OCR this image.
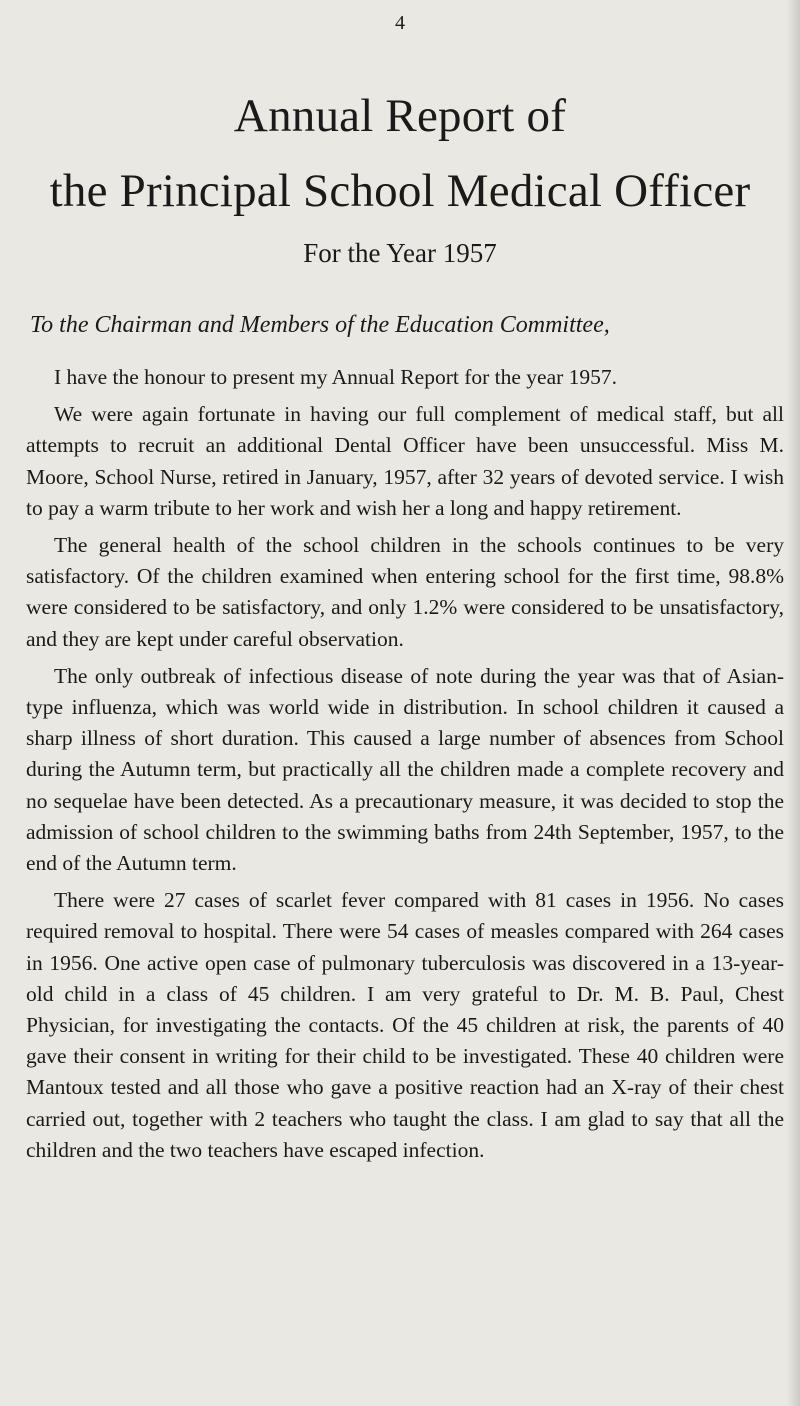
4
Annual Report of
the Principal School Medical Officer
For the Year 1957
To the Chairman and Members of the Education Committee,

I have the honour to present my Annual Report for the year 1957.

We were again fortunate in having our full complement of medical staff, but all attempts to recruit an additional Dental Officer have been unsuccessful. Miss M. Moore, School Nurse, retired in January, 1957, after 32 years of devoted service. I wish to pay a warm tribute to her work and wish her a long and happy retirement.

The general health of the school children in the schools continues to be very satisfactory. Of the children examined when entering school for the first time, 98.8% were considered to be satisfactory, and only 1.2% were considered to be unsatisfactory, and they are kept under careful observation.

The only outbreak of infectious disease of note during the year was that of Asian-type influenza, which was world wide in distribution. In school children it caused a sharp illness of short duration. This caused a large number of absences from School during the Autumn term, but practically all the children made a complete recovery and no sequelae have been detected. As a precautionary measure, it was decided to stop the admission of school children to the swimming baths from 24th September, 1957, to the end of the Autumn term.

There were 27 cases of scarlet fever compared with 81 cases in 1956. No cases required removal to hospital. There were 54 cases of measles compared with 264 cases in 1956. One active open case of pulmonary tuberculosis was discovered in a 13-year-old child in a class of 45 children. I am very grateful to Dr. M. B. Paul, Chest Physician, for investigating the contacts. Of the 45 children at risk, the parents of 40 gave their consent in writing for their child to be investigated. These 40 children were Mantoux tested and all those who gave a positive reaction had an X-ray of their chest carried out, together with 2 teachers who taught the class. I am glad to say that all the children and the two teachers have escaped infection.
